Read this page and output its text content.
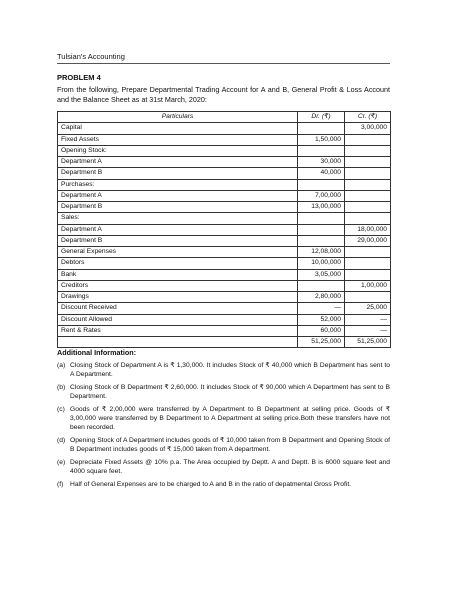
Tulsian's Accounting
PROBLEM 4
From the following, Prepare Departmental Trading Account for A and B, General Profit & Loss Account and the Balance Sheet as at 31st March, 2020:
Particulars	Dr. (₹)	Cr. (₹)
Capital		3,00,000
Fixed Assets	1,50,000	
Opening Stock:		
Department A	30,000	
Department B	40,000	
Purchases:		
Department A	7,00,000	
Department B	13,00,000	
Sales:		
Department A		18,00,000
Department B		29,00,000
General Expenses	12,08,000	
Debtors	10,00,000	
Bank	3,05,000	
Creditors		1,00,000
Drawings	2,80,000	
Discount Received	—	25,000
Discount Allowed	52,000	—
Rent & Rates	60,000	—
	51,25,000	51,25,000
Additional Information:
(a) Closing Stock of Department A is ₹ 1,30,000. It includes Stock of ₹ 40,000 which B Department has sent to A Department.
(b) Closing Stock of B Department ₹ 2,60,000. It includes Stock of ₹ 90,000 which A Department has sent to B Department.
(c) Goods of ₹ 2,00,000 were transferred by A Department to B Department at selling price. Goods of ₹ 3,00,000 were transferred by B Department to A Department at selling price.Both these transfers have not been recorded.
(d) Opening Stock of A Department includes goods of ₹ 10,000 taken from B Department and Opening Stock of B Department includes goods of ₹ 15,000 taken from A department.
(e) Depreciate Fixed Assets @ 10% p.a. The Area occupied by Deptt. A and Deptt. B is 6000 square feet and 4000 square feet.
(f) Half of General Expenses are to be charged to A and B in the ratio of depatmental Gross Profit.
